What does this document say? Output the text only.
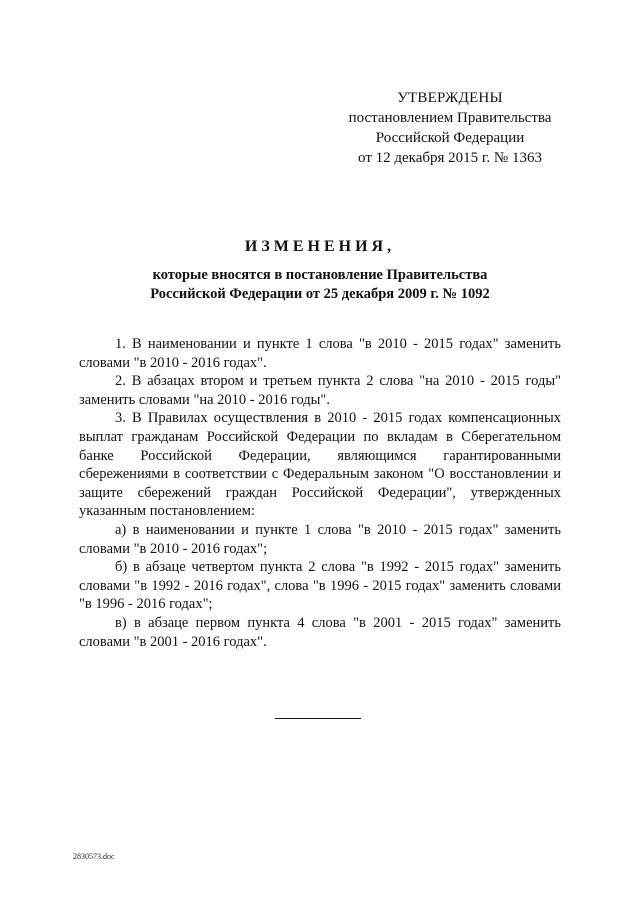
УТВЕРЖДЕНЫ
постановлением Правительства
Российской Федерации
от 12 декабря 2015 г. № 1363
ИЗМЕНЕНИЯ,
которые вносятся в постановление Правительства
Российской Федерации от 25 декабря 2009 г. № 1092

1. В наименовании и пункте 1 слова "в 2010 - 2015 годах" заменить словами "в 2010 - 2016 годах".

2. В абзацах втором и третьем пункта 2 слова "на 2010 - 2015 годы" заменить словами "на 2010 - 2016 годы".

3. В Правилах осуществления в 2010 - 2015 годах компенсационных выплат гражданам Российской Федерации по вкладам в Сберегательном банке Российской Федерации, являющимся гарантированными сбережениями в соответствии с Федеральным законом "О восстановлении и защите сбережений граждан Российской Федерации", утвержденных указанным постановлением:

а) в наименовании и пункте 1 слова "в 2010 - 2015 годах" заменить словами "в 2010 - 2016 годах";

б) в абзаце четвертом пункта 2 слова "в 1992 - 2015 годах" заменить словами "в 1992 - 2016 годах", слова "в 1996 - 2015 годах" заменить словами "в 1996 - 2016 годах";

в) в абзаце первом пункта 4 слова "в 2001 - 2015 годах" заменить словами "в 2001 - 2016 годах".

2830573.doc
